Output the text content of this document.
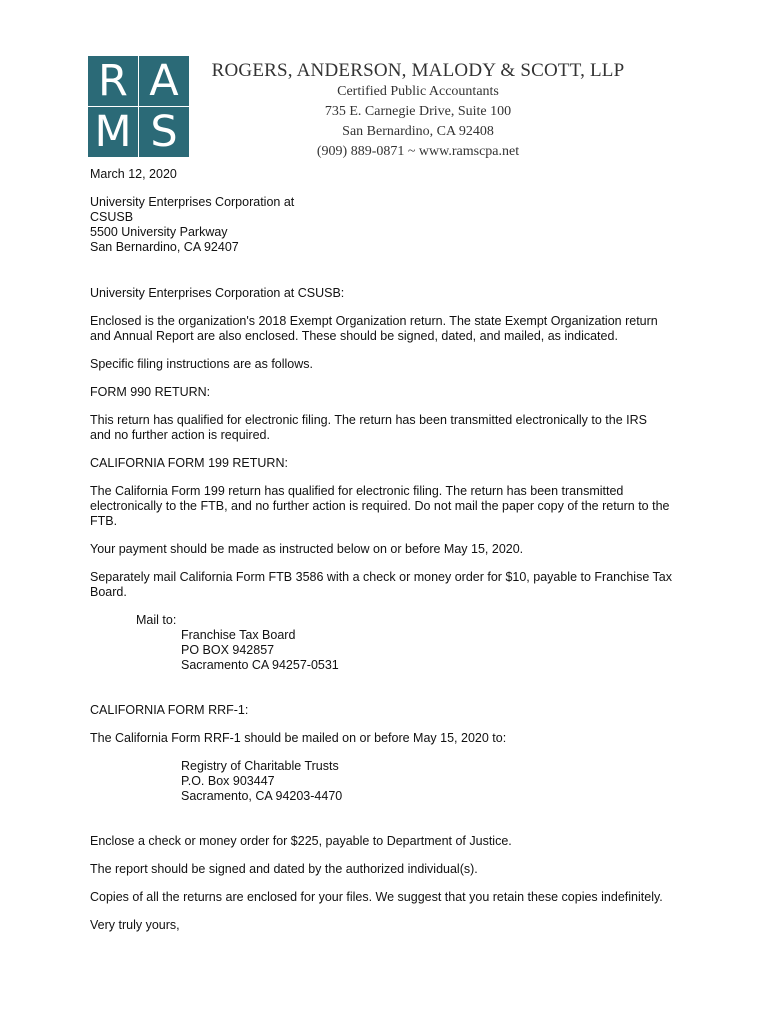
R A
M S
ROGERS, ANDERSON, MALODY & SCOTT, LLP
Certified Public Accountants
735 E. Carnegie Drive, Suite 100
San Bernardino, CA 92408
(909) 889-0871 ~ www.ramscpa.net

March 12, 2020

University Enterprises Corporation at
CSUSB
5500 University Parkway
San Bernardino, CA 92407

University Enterprises Corporation at CSUSB:

Enclosed is the organization's 2018 Exempt Organization return. The state Exempt Organization return
and Annual Report are also enclosed. These should be signed, dated, and mailed, as indicated.

Specific filing instructions are as follows.

FORM 990 RETURN:

This return has qualified for electronic filing. The return has been transmitted electronically to the IRS
and no further action is required.

CALIFORNIA FORM 199 RETURN:

The California Form 199 return has qualified for electronic filing. The return has been transmitted
electronically to the FTB, and no further action is required. Do not mail the paper copy of the return to the
FTB.

Your payment should be made as instructed below on or before May 15, 2020.

Separately mail California Form FTB 3586 with a check or money order for $10, payable to Franchise Tax
Board.

Mail to:

Franchise Tax Board
PO BOX 942857
Sacramento CA 94257-0531

CALIFORNIA FORM RRF-1:

The California Form RRF-1 should be mailed on or before May 15, 2020 to:

Registry of Charitable Trusts
P.O. Box 903447
Sacramento, CA 94203-4470

Enclose a check or money order for $225, payable to Department of Justice.

The report should be signed and dated by the authorized individual(s).

Copies of all the returns are enclosed for your files. We suggest that you retain these copies indefinitely.

Very truly yours,
